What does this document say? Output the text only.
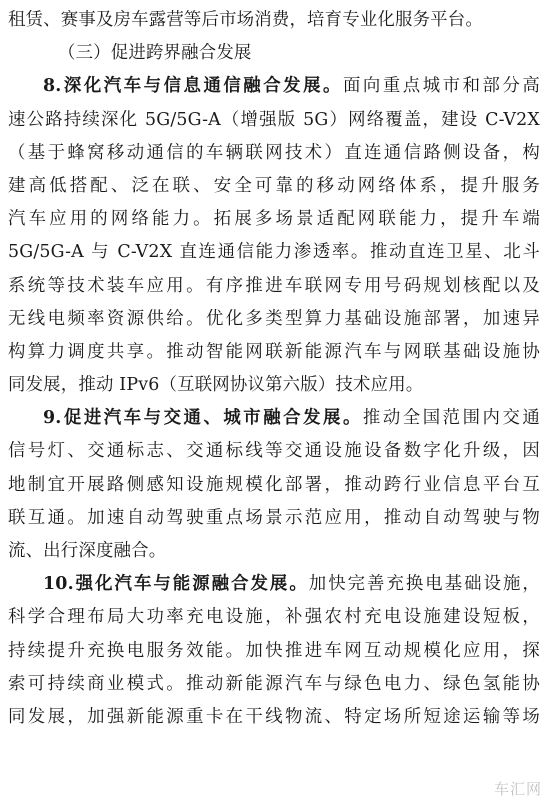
租赁、赛事及房车露营等后市场消费，培育专业化服务平台。
（三）促进跨界融合发展
8.深化汽车与信息通信融合发展。面向重点城市和部分高
速公路持续深化 5G/5G-A（增强版 5G）网络覆盖，建设 C-V2X
（基于蜂窝移动通信的车辆联网技术）直连通信路侧设备，构
建高低搭配、泛在联、安全可靠的移动网络体系，提升服务
汽车应用的网络能力。拓展多场景适配网联能力，提升车端
5G/5G-A 与 C-V2X 直连通信能力渗透率。推动直连卫星、北斗
系统等技术装车应用。有序推进车联网专用号码规划核配以及
无线电频率资源供给。优化多类型算力基础设施部署，加速异
构算力调度共享。推动智能网联新能源汽车与网联基础设施协
同发展，推动 IPv6（互联网协议第六版）技术应用。
9.促进汽车与交通、城市融合发展。推动全国范围内交通
信号灯、交通标志、交通标线等交通设施设备数字化升级，因
地制宜开展路侧感知设施规模化部署，推动跨行业信息平台互
联互通。加速自动驾驶重点场景示范应用，推动自动驾驶与物
流、出行深度融合。
10.强化汽车与能源融合发展。加快完善充换电基础设施，
科学合理布局大功率充电设施，补强农村充电设施建设短板，
持续提升充换电服务效能。加快推进车网互动规模化应用，探
索可持续商业模式。推动新能源汽车与绿色电力、绿色氢能协
同发展，加强新能源重卡在干线物流、特定场所短途运输等场
车汇网
